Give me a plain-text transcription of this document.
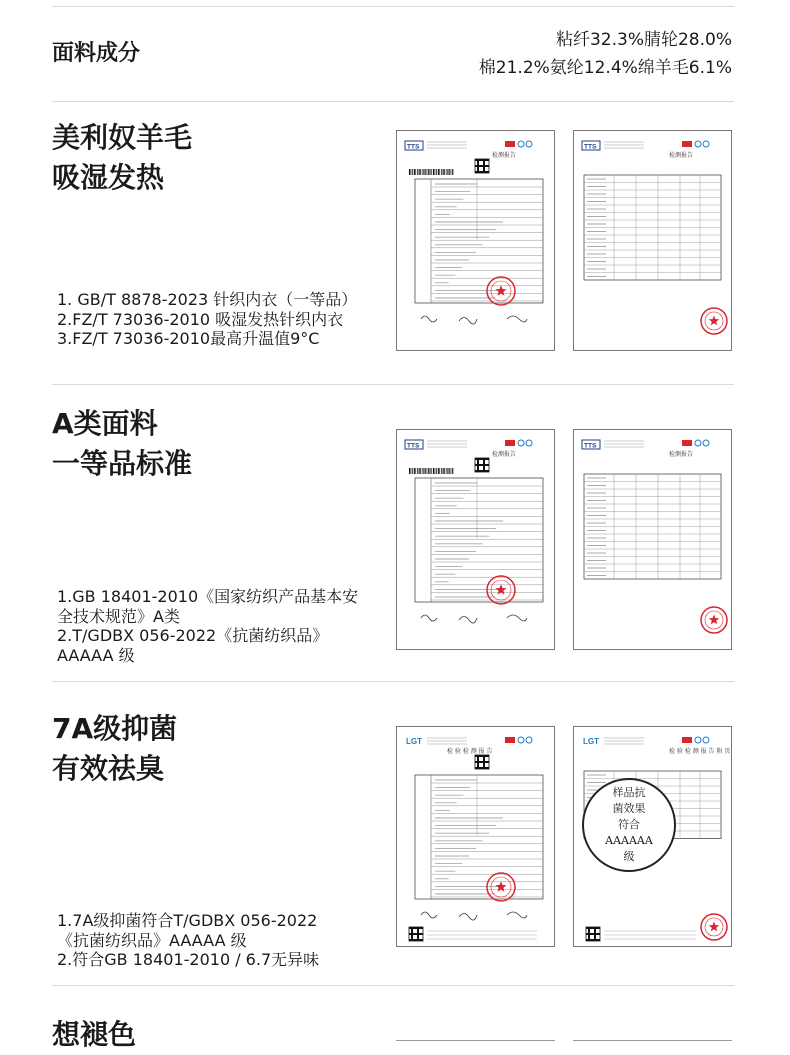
面料成分
粘纤32.3%腈轮28.0%
棉21.2%氨纶12.4%绵羊毛6.1%
美利奴羊毛
吸湿发热
1. GB/T 8878-2023 针织内衣（一等品）
2.FZ/T 73036-2010 吸湿发热针织内衣
3.FZ/T 73036-2010最高升温值9°C
TTS
检测报告
TTS
检测报告
A类面料
一等品标准
1.GB 18401-2010《国家纺织产品基本安
全技术规范》A类
2.T/GDBX 056-2022《抗菌纺织品》
AAAAA 级
TTS
检测报告
TTS
检测报告
7A级抑菌
有效祛臭
1.7A级抑菌符合T/GDBX 056-2022
《抗菌纺织品》AAAAA 级
2.符合GB 18401-2010 / 6.7无异味
LGT
检 验 检 测 报 告
LGT
检 验 检 测 报 告 附 页
样品抗
菌效果
符合
AAAAAA
级
想褪色
